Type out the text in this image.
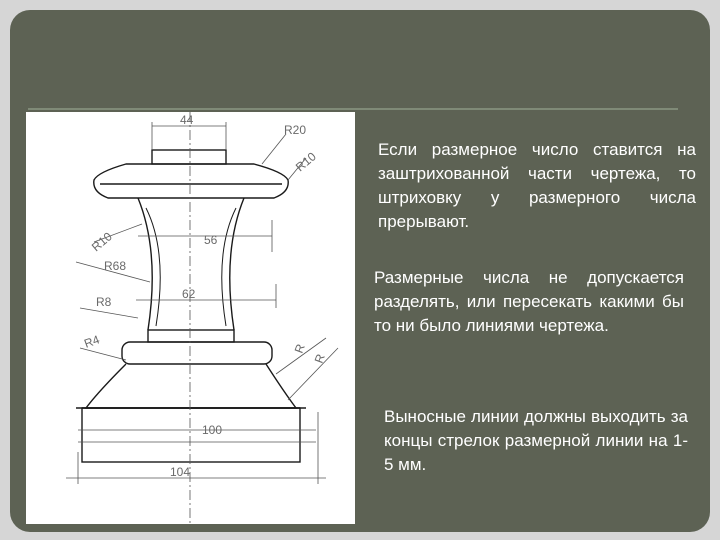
44
R20
R10
R10	56
R68
R8
62
R4	R
R
100
104
Если размерное число ставится на заштрихованной части чертежа, то штриховку у размерного числа прерывают.
Размерные числа не допускается разделять, или пересекать какими бы то ни было линиями чертежа.
Выносные линии должны выходить за концы стрелок размерной линии на 1-5 мм.
